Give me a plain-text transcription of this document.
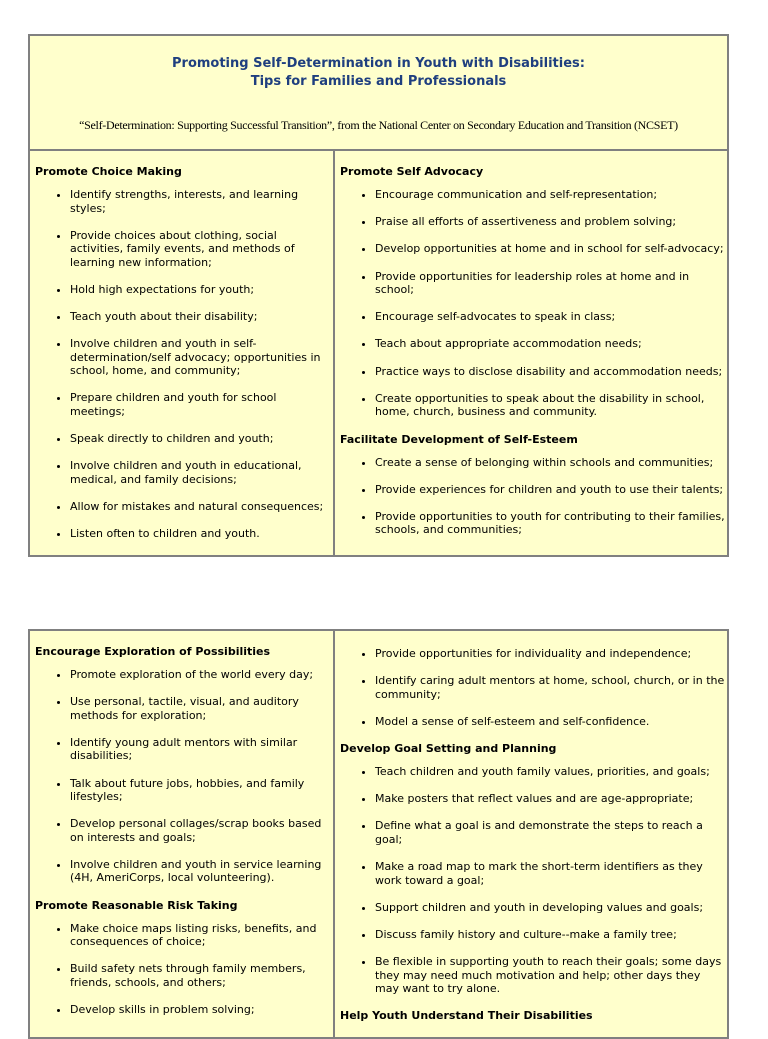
Promoting Self-Determination in Youth with Disabilities:
Tips for Families and Professionals
“Self-Determination: Supporting Successful Transition”, from the National Center on Secondary Education and Transition (NCSET)
Promote Choice Making
• Identify strengths, interests, and learning styles;
• Provide choices about clothing, social activities, family events, and methods of learning new information;
• Hold high expectations for youth;
• Teach youth about their disability;
• Involve children and youth in self-determination/self advocacy; opportunities in school, home, and community;
• Prepare children and youth for school meetings;
• Speak directly to children and youth;
• Involve children and youth in educational, medical, and family decisions;
• Allow for mistakes and natural consequences;
• Listen often to children and youth.
Promote Self Advocacy
• Encourage communication and self-representation;
• Praise all efforts of assertiveness and problem solving;
• Develop opportunities at home and in school for self-advocacy;
• Provide opportunities for leadership roles at home and in school;
• Encourage self-advocates to speak in class;
• Teach about appropriate accommodation needs;
• Practice ways to disclose disability and accommodation needs;
• Create opportunities to speak about the disability in school, home, church, business and community.
Facilitate Development of Self-Esteem
• Create a sense of belonging within schools and communities;
• Provide experiences for children and youth to use their talents;
• Provide opportunities to youth for contributing to their families, schools, and communities;
Encourage Exploration of Possibilities
• Promote exploration of the world every day;
• Use personal, tactile, visual, and auditory methods for exploration;
• Identify young adult mentors with similar disabilities;
• Talk about future jobs, hobbies, and family lifestyles;
• Develop personal collages/scrap books based on interests and goals;
• Involve children and youth in service learning (4H, AmeriCorps, local volunteering).
Promote Reasonable Risk Taking
• Make choice maps listing risks, benefits, and consequences of choice;
• Build safety nets through family members, friends, schools, and others;
• Develop skills in problem solving;
• Provide opportunities for individuality and independence;
• Identify caring adult mentors at home, school, church, or in the community;
• Model a sense of self-esteem and self-confidence.
Develop Goal Setting and Planning
• Teach children and youth family values, priorities, and goals;
• Make posters that reflect values and are age-appropriate;
• Define what a goal is and demonstrate the steps to reach a goal;
• Make a road map to mark the short-term identifiers as they work toward a goal;
• Support children and youth in developing values and goals;
• Discuss family history and culture--make a family tree;
• Be flexible in supporting youth to reach their goals; some days they may need much motivation and help; other days they may want to try alone.
Help Youth Understand Their Disabilities
